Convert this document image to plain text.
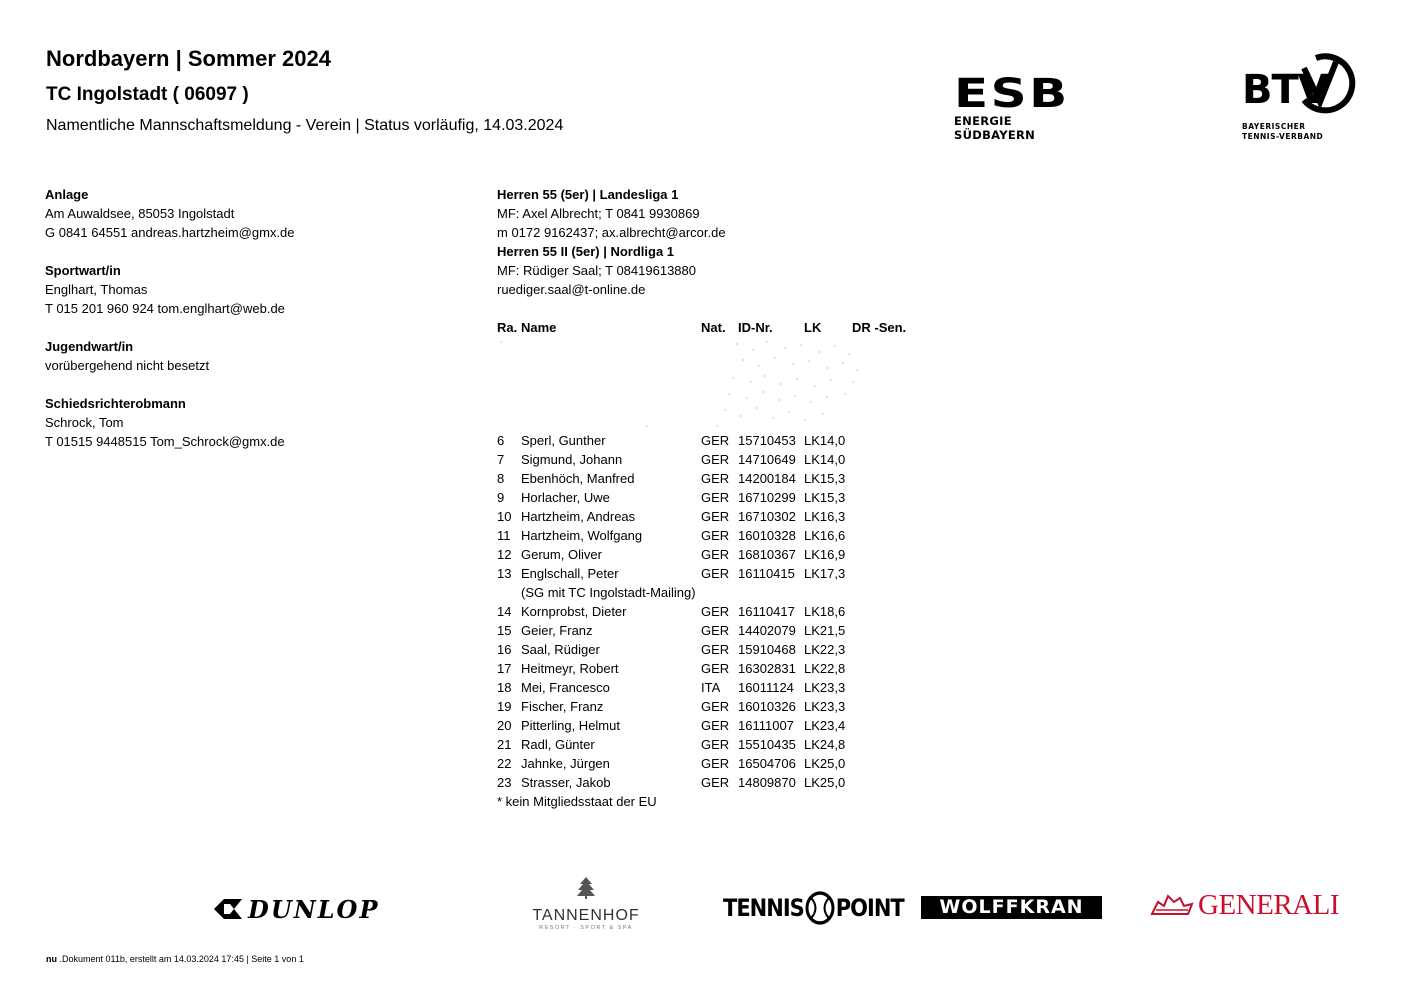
Nordbayern | Sommer 2024
TC Ingolstadt ( 06097 )
Namentliche Mannschaftsmeldung - Verein | Status vorläufig, 14.03.2024
ESB
ENERGIE SÜDBAYERN
BTV
BAYERISCHER
TENNIS-VERBAND
Anlage
Am Auwaldsee, 85053 Ingolstadt
G 0841 64551 andreas.hartzheim@gmx.de
Sportwart/in
Englhart, Thomas
T 015 201 960 924 tom.englhart@web.de
Jugendwart/in
vorübergehend nicht besetzt
Schiedsrichterobmann
Schrock, Tom
T 01515 9448515 Tom_Schrock@gmx.de
Herren 55 (5er) | Landesliga 1
MF: Axel Albrecht; T 0841 9930869
m 0172 9162437; ax.albrecht@arcor.de
Herren 55 II (5er) | Nordliga 1
MF: Rüdiger Saal; T 08419613880
ruediger.saal@t-online.de
Ra. Name	Nat. ID-Nr. LK DR -Sen.
6 Sperl, Gunther	GER 15710453 LK14,0
7 Sigmund, Johann	GER 14710649 LK14,0
8 Ebenhöch, Manfred	GER 14200184 LK15,3
9 Horlacher, Uwe	GER 16710299 LK15,3
10 Hartzheim, Andreas	GER 16710302 LK16,3
11 Hartzheim, Wolfgang	GER 16010328 LK16,6
12 Gerum, Oliver	GER 16810367 LK16,9
13 Englschall, Peter	GER 16110415 LK17,3
(SG mit TC Ingolstadt-Mailing)
14 Kornprobst, Dieter	GER 16110417 LK18,6
15 Geier, Franz	GER 14402079 LK21,5
16 Saal, Rüdiger	GER 15910468 LK22,3
17 Heitmeyr, Robert	GER 16302831 LK22,8
18 Mei, Francesco	ITA 16011124 LK23,3
19 Fischer, Franz	GER 16010326 LK23,3
20 Pitterling, Helmut	GER 16111007 LK23,4
21 Radl, Günter	GER 15510435 LK24,8
22 Jahnke, Jürgen	GER 16504706 LK25,0
23 Strasser, Jakob	GER 14809870 LK25,0
* kein Mitgliedsstaat der EU
DUNLOP	TANNENHOF
RESORT · SPORT & SPA
TENNIS POINT	WOLFFKRAN	GENERALI
nu .Dokument 011b, erstellt am 14.03.2024 17:45 | Seite 1 von 1
